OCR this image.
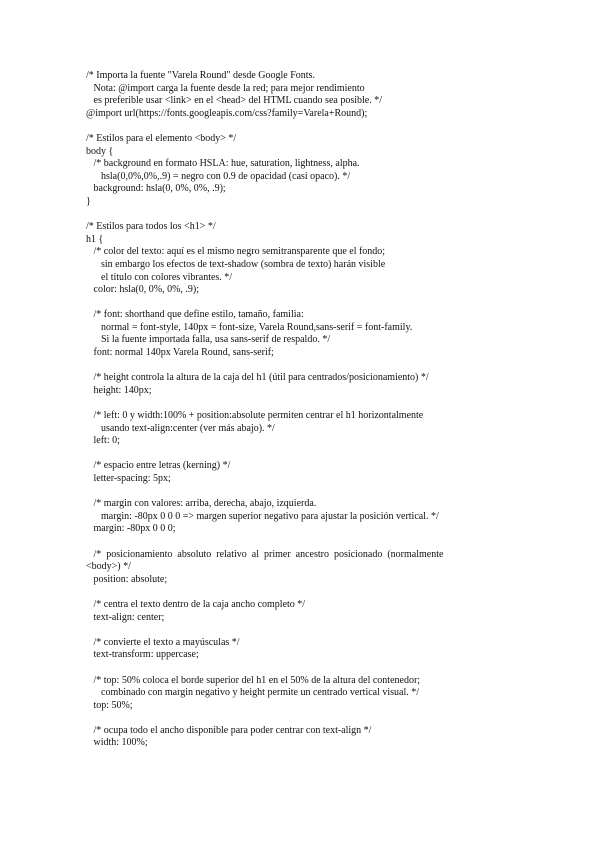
/* Importa la fuente "Varela Round" desde Google Fonts.
Nota: @import carga la fuente desde la red; para mejor rendimiento
es preferible usar <link> en el <head> del HTML cuando sea posible. */
@import url(https://fonts.googleapis.com/css?family=Varela+Round);
/* Estilos para el elemento <body> */
body {
/* background en formato HSLA: hue, saturation, lightness, alpha.
hsla(0,0%,0%,.9) = negro con 0.9 de opacidad (casi opaco). */
background: hsla(0, 0%, 0%, .9);
}
/* Estilos para todos los <h1> */
h1 {
/* color del texto: aquí es el mismo negro semitransparente que el fondo;
sin embargo los efectos de text-shadow (sombra de texto) harán visible
el título con colores vibrantes. */
color: hsla(0, 0%, 0%, .9);
/* font: shorthand que define estilo, tamaño, familia:
normal = font-style, 140px = font-size, Varela Round,sans-serif = font-family.
Si la fuente importada falla, usa sans-serif de respaldo. */
font: normal 140px Varela Round, sans-serif;
/* height controla la altura de la caja del h1 (útil para centrados/posicionamiento) */
height: 140px;
/* left: 0 y width:100% + position:absolute permiten centrar el h1 horizontalmente
usando text-align:center (ver más abajo). */
left: 0;
/* espacio entre letras (kerning) */
letter-spacing: 5px;
/* margin con valores: arriba, derecha, abajo, izquierda.
margin: -80px 0 0 0 => margen superior negativo para ajustar la posición vertical. */
margin: -80px 0 0 0;
/*  posicionamiento  absoluto  relativo  al  primer  ancestro  posicionado  (normalmente
<body>) */
position: absolute;
/* centra el texto dentro de la caja ancho completo */
text-align: center;
/* convierte el texto a mayúsculas */
text-transform: uppercase;
/* top: 50% coloca el borde superior del h1 en el 50% de la altura del contenedor;
combinado con margin negativo y height permite un centrado vertical visual. */
top: 50%;
/* ocupa todo el ancho disponible para poder centrar con text-align */
width: 100%;
